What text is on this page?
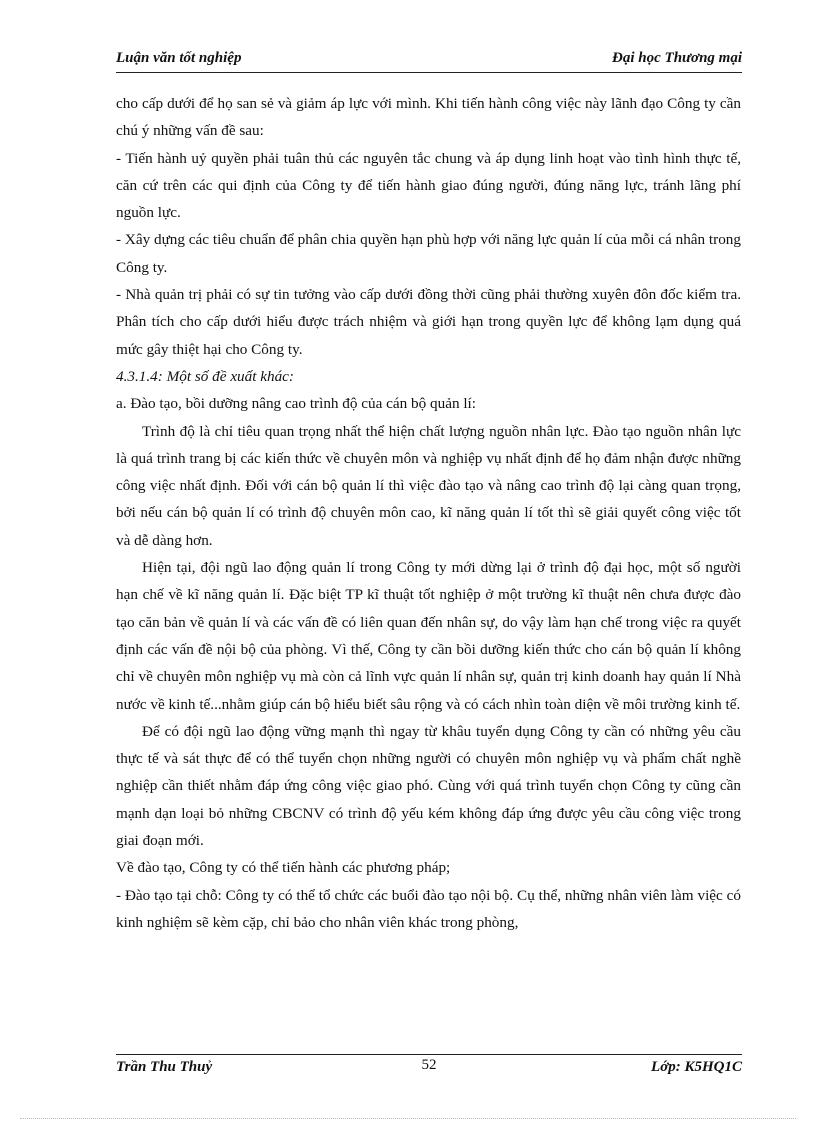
Luận văn tốt nghiệp	Đại học Thương mại

cho cấp dưới để họ san sẻ và giảm áp lực với mình. Khi tiến hành công việc này lãnh đạo Công ty cần chú ý những vấn đề sau:

- Tiến hành uỷ quyền phải tuân thủ các nguyên tắc chung và áp dụng linh hoạt vào tình hình thực tế, căn cứ trên các qui định của Công ty để tiến hành giao đúng người, đúng năng lực, tránh lãng phí nguồn lực.

- Xây dựng các tiêu chuẩn để phân chia quyền hạn phù hợp với năng lực quản lí của mỗi cá nhân trong Công ty.

- Nhà quản trị phải có sự tin tưởng vào cấp dưới đồng thời cũng phải thường xuyên đôn đốc kiểm tra. Phân tích cho cấp dưới hiểu được trách nhiệm và giới hạn trong quyền lực để không lạm dụng quá mức gây thiệt hại cho Công ty.

4.3.1.4: Một số đề xuất khác:

a. Đào tạo, bồi dưỡng nâng cao trình độ của cán bộ quản lí:

Trình độ là chỉ tiêu quan trọng nhất thể hiện chất lượng nguồn nhân lực. Đào tạo nguồn nhân lực là quá trình trang bị các kiến thức về chuyên môn và nghiệp vụ nhất định để họ đảm nhận được những công việc nhất định. Đối với cán bộ quản lí thì việc đào tạo và nâng cao trình độ lại càng quan trọng, bởi nếu cán bộ quản lí có trình độ chuyên môn cao, kĩ năng quản lí tốt thì sẽ giải quyết công việc tốt và dễ dàng hơn.

Hiện tại, đội ngũ lao động quản lí trong Công ty mới dừng lại ở trình độ đại học, một số người hạn chế về kĩ năng quản lí. Đặc biệt TP kĩ thuật tốt nghiệp ở một trường kĩ thuật nên chưa được đào tạo căn bản về quản lí và các vấn đề có liên quan đến nhân sự, do vậy làm hạn chế trong việc ra quyết định các vấn đề nội bộ của phòng. Vì thế, Công ty cần bồi dưỡng kiến thức cho cán bộ quản lí không chỉ về chuyên môn nghiệp vụ mà còn cả lĩnh vực quản lí nhân sự, quản trị kinh doanh hay quản lí Nhà nước về kinh tế...nhằm giúp cán bộ hiểu biết sâu rộng và có cách nhìn toàn diện về môi trường kinh tế.

Để có đội ngũ lao động vững mạnh thì ngay từ khâu tuyển dụng Công ty cần có những yêu cầu thực tế và sát thực để có thể tuyển chọn những người có chuyên môn nghiệp vụ và phẩm chất nghề nghiệp cần thiết nhằm đáp ứng công việc giao phó. Cùng với quá trình tuyển chọn Công ty cũng cần mạnh dạn loại bỏ những CBCNV có trình độ yếu kém không đáp ứng được yêu cầu công việc trong giai đoạn mới.

Về đào tạo, Công ty có thể tiến hành các phương pháp;

- Đào tạo tại chỗ: Công ty có thể tổ chức các buổi đào tạo nội bộ. Cụ thể, những nhân viên làm việc có kinh nghiệm sẽ kèm cặp, chỉ bảo cho nhân viên khác trong phòng,

Trần Thu Thuỷ	52	Lớp: K5HQ1C
